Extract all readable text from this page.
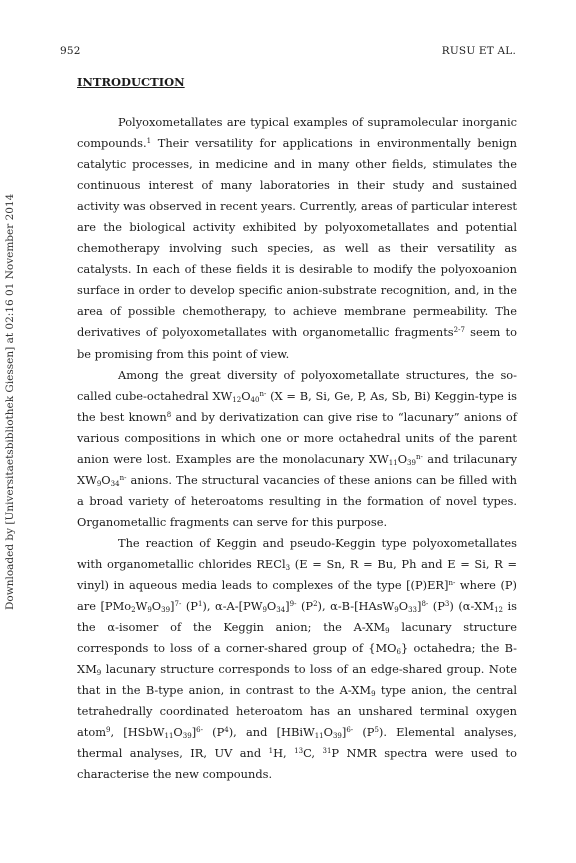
952	RUSU ET AL.
Downloaded by [Universitaetsbibliothek Giessen] at 02:16 01 November 2014
INTRODUCTION

Polyoxometallates are typical examples of supramolecular inorganic compounds.$^1$ Their versatility for applications in environmentally benign catalytic processes, in medicine and in many other fields, stimulates the continuous interest of many laboratories in their study and sustained activity was observed in recent years. Currently, areas of particular interest are the biological activity exhibited by polyoxometallates and potential chemotherapy involving such species, as well as their versatility as catalysts. In each of these fields it is desirable to modify the polyoxoanion surface in order to develop specific anion-substrate recognition, and, in the area of possible chemotherapy, to achieve membrane permeability. The derivatives of polyoxometallates with organometallic fragments$^{2-7}$ seem to be promising from this point of view.

Among the great diversity of polyoxometallate structures, the so-called cube-octahedral $XW_{12}O_{40}^{n-}$ (X = B, Si, Ge, P, As, Sb, Bi) Keggin-type is the best known$^8$ and by derivatization can give rise to “lacunary” anions of various compositions in which one or more octahedral units of the parent anion were lost. Examples are the monolacunary $XW_{11}O_{39}^{n-}$ and trilacunary $XW_9O_{34}^{n-}$ anions. The structural vacancies of these anions can be filled with a broad variety of heteroatoms resulting in the formation of novel types. Organometallic fragments can serve for this purpose.

The reaction of Keggin and pseudo-Keggin type polyoxometallates with organometallic chlorides RECl$_3$ (E = Sn, R = Bu, Ph and E = Si, R = vinyl) in aqueous media leads to complexes of the type $[(P)ER]^{n-}$ where (P) are $[PMo_2W_9O_{39}]^{7-}$ $(P^1)$, $\alpha-A-[PW_9O_{34}]^{9-}$ $(P^2)$, $\alpha-B-[HAsW_9O_{33}]^{8-}$ $(P^3)$ ($\alpha-XM_{12}$ is the α-isomer of the Keggin anion; the $A-XM_9$ lacunary structure corresponds to loss of a corner-shared group of $\{MO_6\}$ octahedra; the $B-XM_9$ lacunary structure corresponds to loss of an edge-shared group. Note that in the B-type anion, in contrast to the $A-XM_9$ type anion, the central tetrahedrally coordinated heteroatom has an unshared terminal oxygen atom$^9$, $[HSbW_{11}O_{39}]^{6-}$ $(P^4)$, and $[HBiW_{11}O_{39}]^{6-}$ $(P^5)$. Elemental analyses, thermal analyses, IR, UV and $^1$H, $^{13}$C, $^{31}$P NMR spectra were used to characterise the new compounds.
